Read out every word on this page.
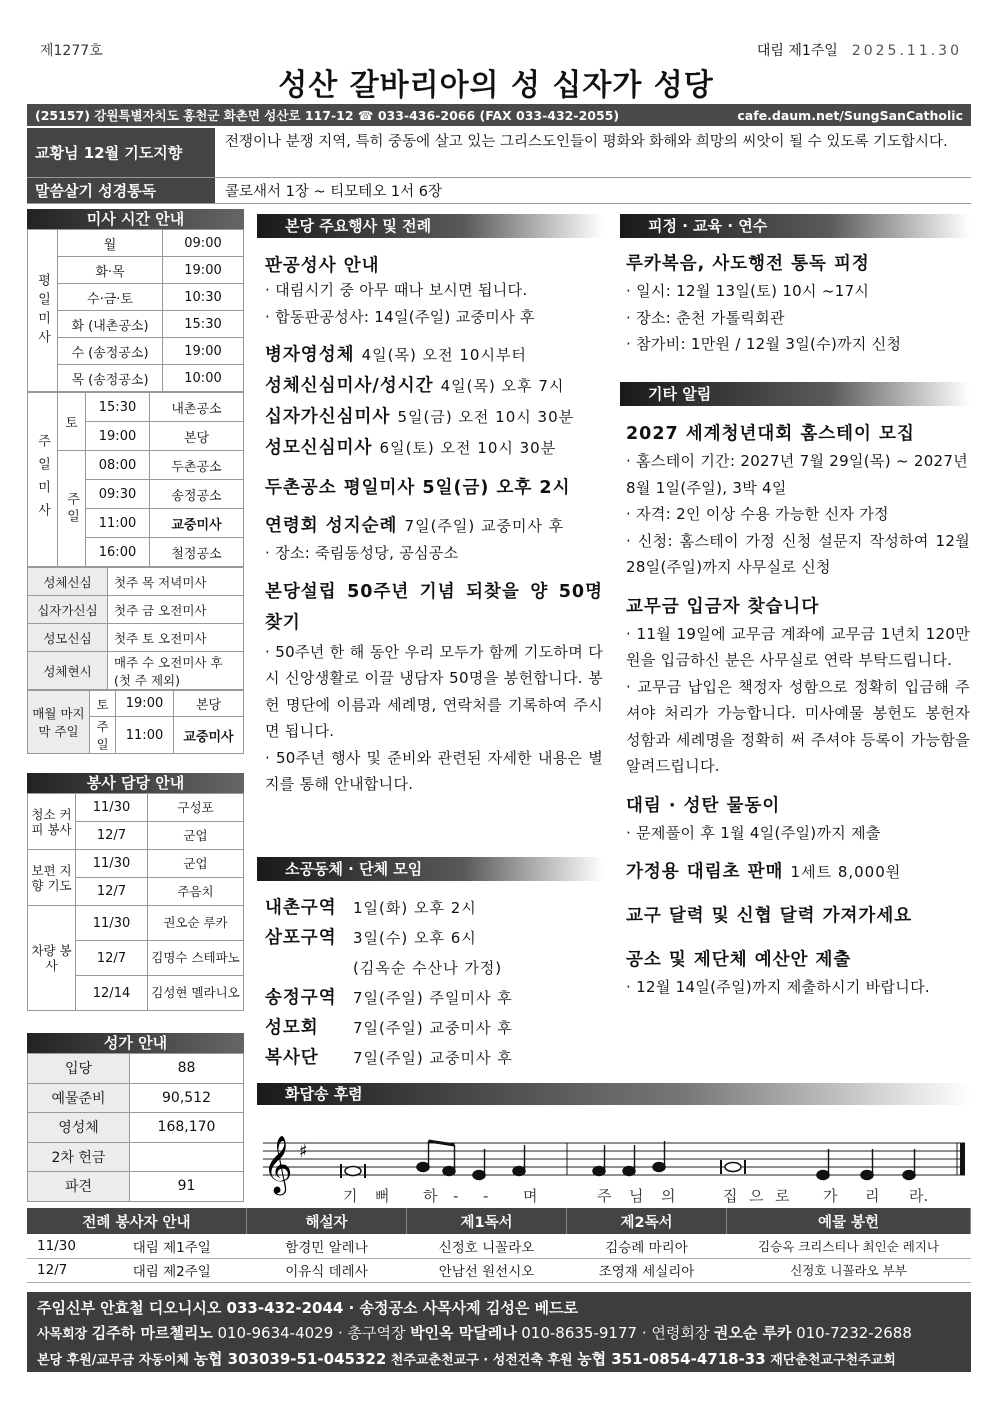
제1277호	대림 제1주일 2025.11.30
성산 갈바리아의 성 십자가 성당
(25157) 강원특별자치도 홍천군 화촌면 성산로 117-12 ☎ 033-436-2066 (FAX 033-432-2055)	cafe.daum.net/SungSanCatholic
교황님 12월 기도지향
전쟁이나 분쟁 지역, 특히 중동에 살고 있는 그리스도인들이 평화와 화해와 희망의 씨앗이 될 수 있도록 기도합시다.
말씀살기 성경통독	콜로새서 1장 ~ 티모테오 1서 6장
미사 시간 안내
평일미사	월	09:00
	화·목	19:00
	수·금·토	10:30
	화 (내촌공소)	15:30
	수 (송정공소)	19:00
	목 (송정공소)	10:00
주일미사	토	15:30	내촌공소
		19:00	본당
	주일	08:00	두촌공소
		09:30	송정공소
		11:00	교중미사
		16:00	철정공소
성체신심	첫주 목 저녁미사
십자가신심	첫주 금 오전미사
성모신심	첫주 토 오전미사
성체현시	매주 수 오전미사 후 (첫 주 제외)
매월 마지막 주일	토	19:00	본당
	주일	11:00	교중미사
봉사 담당 안내
청소 커피 봉사	11/30	구성포
	12/7	군업
보편 지향 기도	11/30	군업
	12/7	주음치
차량 봉사	11/30	권오순 루카
	12/7	김명수 스테파노
	12/14	김성현 멜라니오
성가 안내
입당	88
예물준비	90,512
영성체	168,170
2차 헌금	
파견	91
본당 주요행사 및 전례
판공성사 안내
· 대림시기 중 아무 때나 보시면 됩니다.
· 합동판공성사: 14일(주일) 교중미사 후
병자영성체 4일(목) 오전 10시부터
성체신심미사/성시간 4일(목) 오후 7시
십자가신심미사 5일(금) 오전 10시 30분
성모신심미사 6일(토) 오전 10시 30분
두촌공소 평일미사 5일(금) 오후 2시
연령회 성지순례 7일(주일) 교중미사 후
· 장소: 죽림동성당, 공심공소
본당설립 50주년 기념 되찾을 양 50명 찾기
· 50주년 한 해 동안 우리 모두가 함께 기도하며 다시 신앙생활로 이끌 냉담자 50명을 봉헌합니다. 봉헌 명단에 이름과 세례명, 연락처를 기록하여 주시면 됩니다.
· 50주년 행사 및 준비와 관련된 자세한 내용은 별지를 통해 안내합니다.
소공동체 · 단체 모임
내촌구역	1일(화) 오후 2시
삼포구역	3일(수) 오후 6시
(김옥순 수산나 가정)
송정구역	7일(주일) 주일미사 후
성모회	7일(주일) 교중미사 후
복사단	7일(주일) 교중미사 후
피정 · 교육 · 연수
루카복음, 사도행전 통독 피정
· 일시: 12월 13일(토) 10시 ~17시
· 장소: 춘천 가톨릭회관
· 참가비: 1만원 / 12월 3일(수)까지 신청
기타 알림
2027 세계청년대회 홈스테이 모집
· 홈스테이 기간: 2027년 7월 29일(목) ~ 2027년 8월 1일(주일), 3박 4일
· 자격: 2인 이상 수용 가능한 신자 가정
· 신청: 홈스테이 가정 신청 설문지 작성하여 12월 28일(주일)까지 사무실로 신청
교무금 입금자 찾습니다
· 11월 19일에 교무금 계좌에 교무금 1년치 120만원을 입금하신 분은 사무실로 연락 부탁드립니다.
· 교무금 납입은 책정자 성함으로 정확히 입금해 주셔야 처리가 가능합니다. 미사예물 봉헌도 봉헌자 성함과 세례명을 정확히 써 주셔야 등록이 가능함을 알려드립니다.
대림 · 성탄 물동이
· 문제풀이 후 1월 4일(주일)까지 제출
가정용 대림초 판매 1세트 8,000원
교구 달력 및 신협 달력 가져가세요
공소 및 제단체 예산안 제출
· 12월 14일(주일)까지 제출하시기 바랍니다.
화답송 후렴
𝄞 ♯
기 뻐 하 - - 며	주 님 의	집 으 로 가 리 라.
전례 봉사자 안내		해설자	제1독서	제2독서	예물 봉헌
11/30	대림 제1주일	함경민 알레나	신정호 니꼴라오	김승례 마리아	김승옥 크리스티나 최인순 레지나
12/7	대림 제2주일	이유식 데레사	안남선 원선시오	조영재 세실리아	신정호 니꼴라오 부부
주임신부 안효철 디오니시오 033-432-2044 · 송정공소 사목사제 김성은 베드로
사목회장 김주하 마르첼리노 010-9634-4029 · 총구역장 박인옥 막달레나 010-8635-9177 · 연령회장 권오순 루카 010-7232-2688
본당 후원/교무금 자동이체 농협 303039-51-045322 천주교춘천교구 · 성전건축 후원 농협 351-0854-4718-33 재단춘천교구천주교회
